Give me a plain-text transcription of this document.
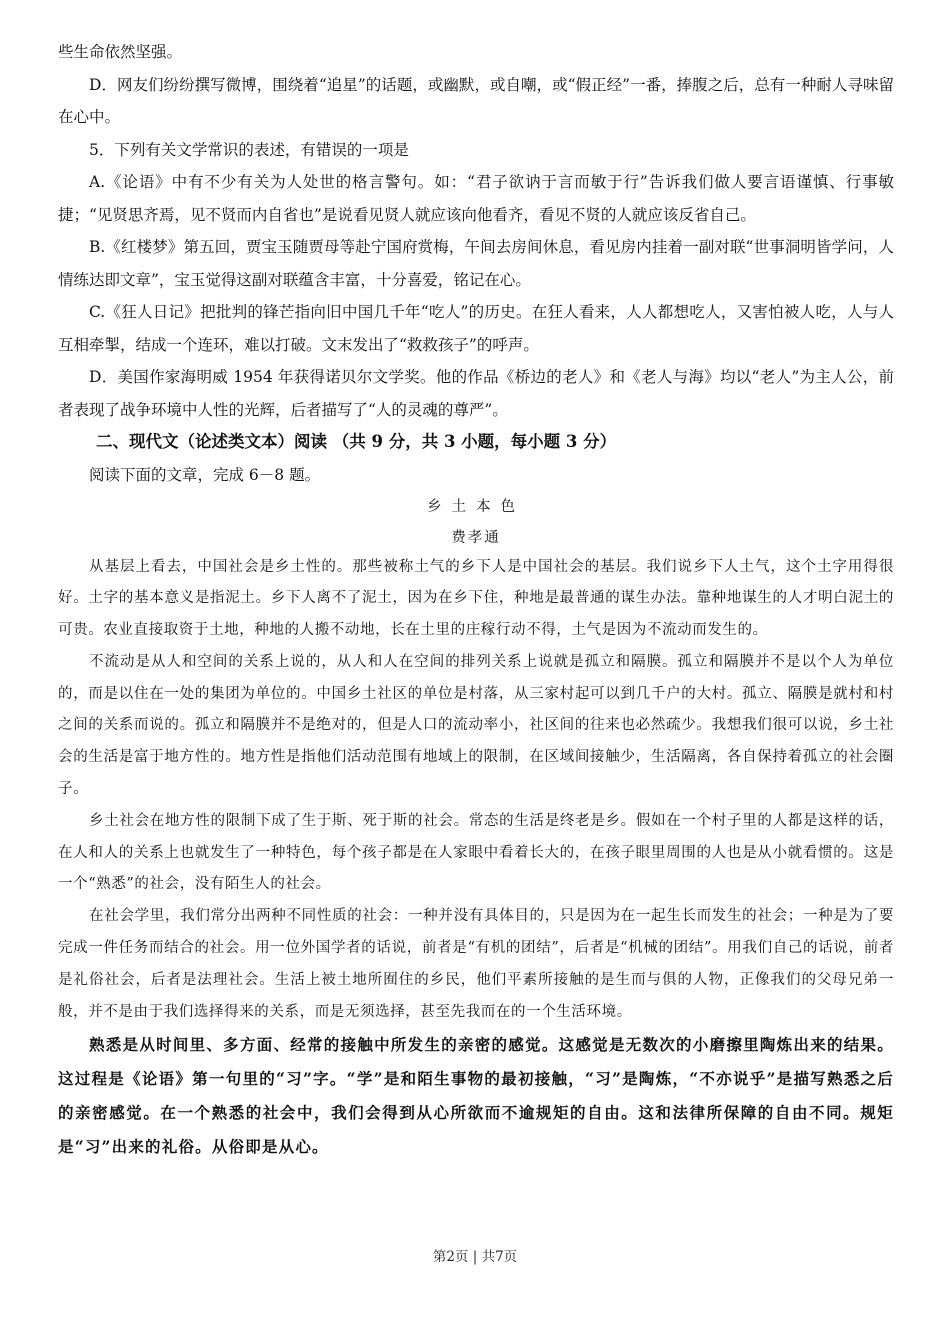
些生命依然坚强。

D．网友们纷纷撰写微博，围绕着“追星”的话题，或幽默，或自嘲，或“假正经”一番，捧腹之后，总有一种耐人寻味留在心中。

5．下列有关文学常识的表述，有错误的一项是

A.《论语》中有不少有关为人处世的格言警句。如：“君子欲讷于言而敏于行”告诉我们做人要言语谨慎、行事敏捷；“见贤思齐焉，见不贤而内自省也”是说看见贤人就应该向他看齐，看见不贤的人就应该反省自己。

B.《红楼梦》第五回，贾宝玉随贾母等赴宁国府赏梅，午间去房间休息，看见房内挂着一副对联“世事洞明皆学问，人情练达即文章”，宝玉觉得这副对联蕴含丰富，十分喜爱，铭记在心。

C.《狂人日记》把批判的锋芒指向旧中国几千年“吃人”的历史。在狂人看来，人人都想吃人，又害怕被人吃，人与人互相牵掣，结成一个连环，难以打破。文末发出了“救救孩子”的呼声。

D．美国作家海明威 1954 年获得诺贝尔文学奖。他的作品《桥边的老人》和《老人与海》均以“老人”为主人公，前者表现了战争环境中人性的光辉，后者描写了“人的灵魂的尊严”。

二、现代文（论述类文本）阅读 （共 9 分，共 3 小题，每小题 3 分）

阅读下面的文章，完成 6－8 题。

乡土本色

费孝通

从基层上看去，中国社会是乡土性的。那些被称土气的乡下人是中国社会的基层。我们说乡下人土气，这个土字用得很好。土字的基本意义是指泥土。乡下人离不了泥土，因为在乡下住，种地是最普通的谋生办法。靠种地谋生的人才明白泥土的可贵。农业直接取资于土地，种地的人搬不动地，长在土里的庄稼行动不得，土气是因为不流动而发生的。

不流动是从人和空间的关系上说的，从人和人在空间的排列关系上说就是孤立和隔膜。孤立和隔膜并不是以个人为单位的，而是以住在一处的集团为单位的。中国乡土社区的单位是村落，从三家村起可以到几千户的大村。孤立、隔膜是就村和村之间的关系而说的。孤立和隔膜并不是绝对的，但是人口的流动率小，社区间的往来也必然疏少。我想我们很可以说，乡土社会的生活是富于地方性的。地方性是指他们活动范围有地域上的限制，在区域间接触少，生活隔离，各自保持着孤立的社会圈子。

乡土社会在地方性的限制下成了生于斯、死于斯的社会。常态的生活是终老是乡。假如在一个村子里的人都是这样的话，在人和人的关系上也就发生了一种特色，每个孩子都是在人家眼中看着长大的，在孩子眼里周围的人也是从小就看惯的。这是一个“熟悉”的社会，没有陌生人的社会。

在社会学里，我们常分出两种不同性质的社会：一种并没有具体目的，只是因为在一起生长而发生的社会；一种是为了要完成一件任务而结合的社会。用一位外国学者的话说，前者是“有机的团结”，后者是“机械的团结”。用我们自己的话说，前者是礼俗社会，后者是法理社会。生活上被土地所囿住的乡民，他们平素所接触的是生而与俱的人物，正像我们的父母兄弟一般，并不是由于我们选择得来的关系，而是无须选择，甚至先我而在的一个生活环境。

熟悉是从时间里、多方面、经常的接触中所发生的亲密的感觉。这感觉是无数次的小磨擦里陶炼出来的结果。这过程是《论语》第一句里的“习”字。“学”是和陌生事物的最初接触，“习”是陶炼，“不亦说乎”是描写熟悉之后的亲密感觉。在一个熟悉的社会中，我们会得到从心所欲而不逾规矩的自由。这和法律所保障的自由不同。规矩是“习”出来的礼俗。从俗即是从心。

第2页 | 共7页
